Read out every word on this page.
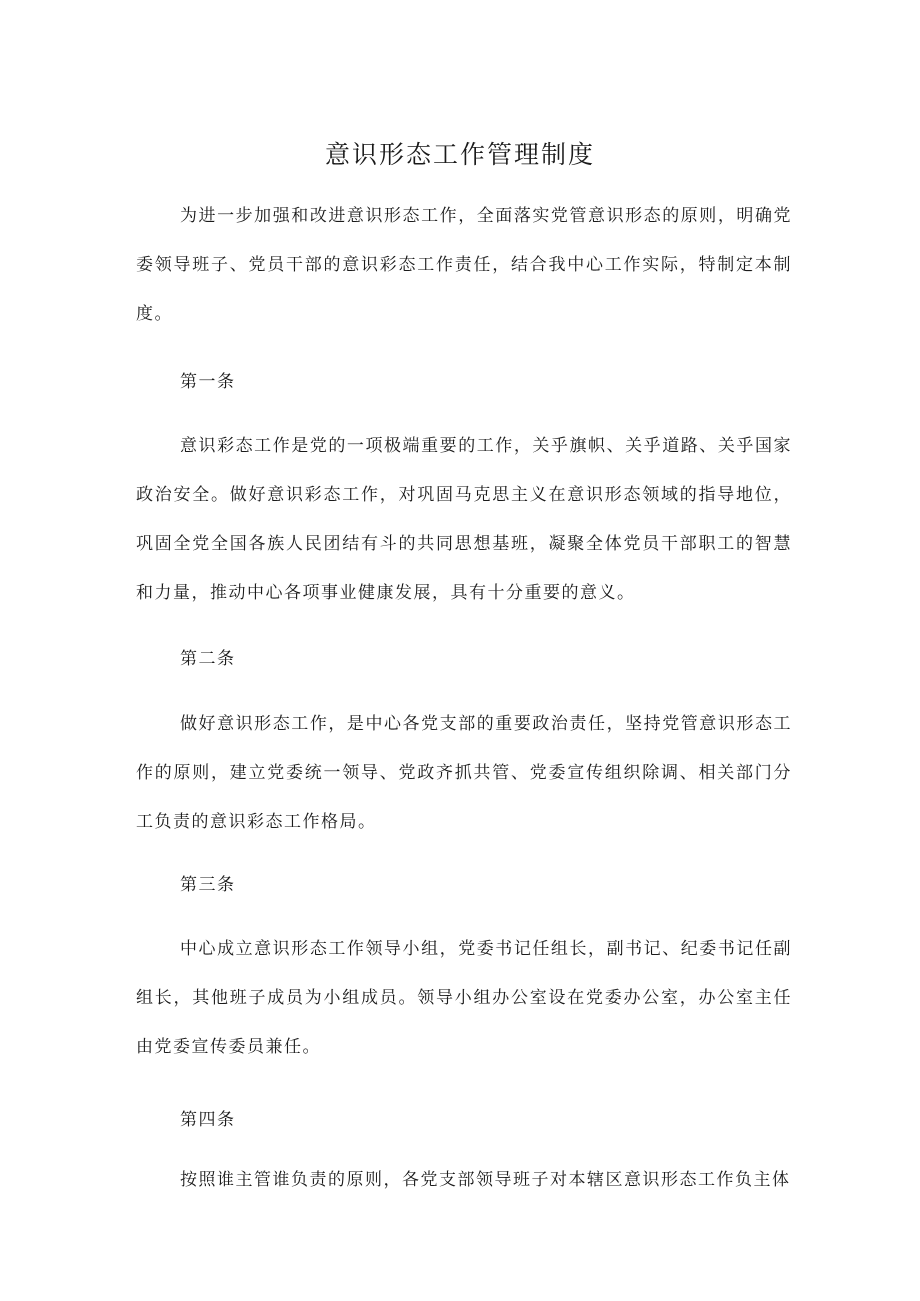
意识形态工作管理制度

为进一步加强和改进意识形态工作，全面落实党管意识形态的原则，明确党委领导班子、党员干部的意识彩态工作责任，结合我中心工作实际，特制定本制度。

第一条

意识彩态工作是党的一项极端重要的工作，关乎旗帜、关乎道路、关乎国家政治安全。做好意识彩态工作，对巩固马克思主义在意识形态领域的指导地位，巩固全党全国各族人民团结有斗的共同思想基班，凝聚全体党员干部职工的智慧和力量，推动中心各项事业健康发展，具有十分重要的意义。

第二条

做好意识形态工作，是中心各党支部的重要政治责任，坚持党管意识形态工作的原则，建立党委统一领导、党政齐抓共管、党委宣传组织除调、相关部门分工负责的意识彩态工作格局。

第三条

中心成立意识形态工作领导小组，党委书记任组长，副书记、纪委书记任副组长，其他班子成员为小组成员。领导小组办公室设在党委办公室，办公室主任由党委宣传委员兼任。

第四条

按照谁主管谁负责的原则，各党支部领导班子对本辖区意识形态工作负主体
